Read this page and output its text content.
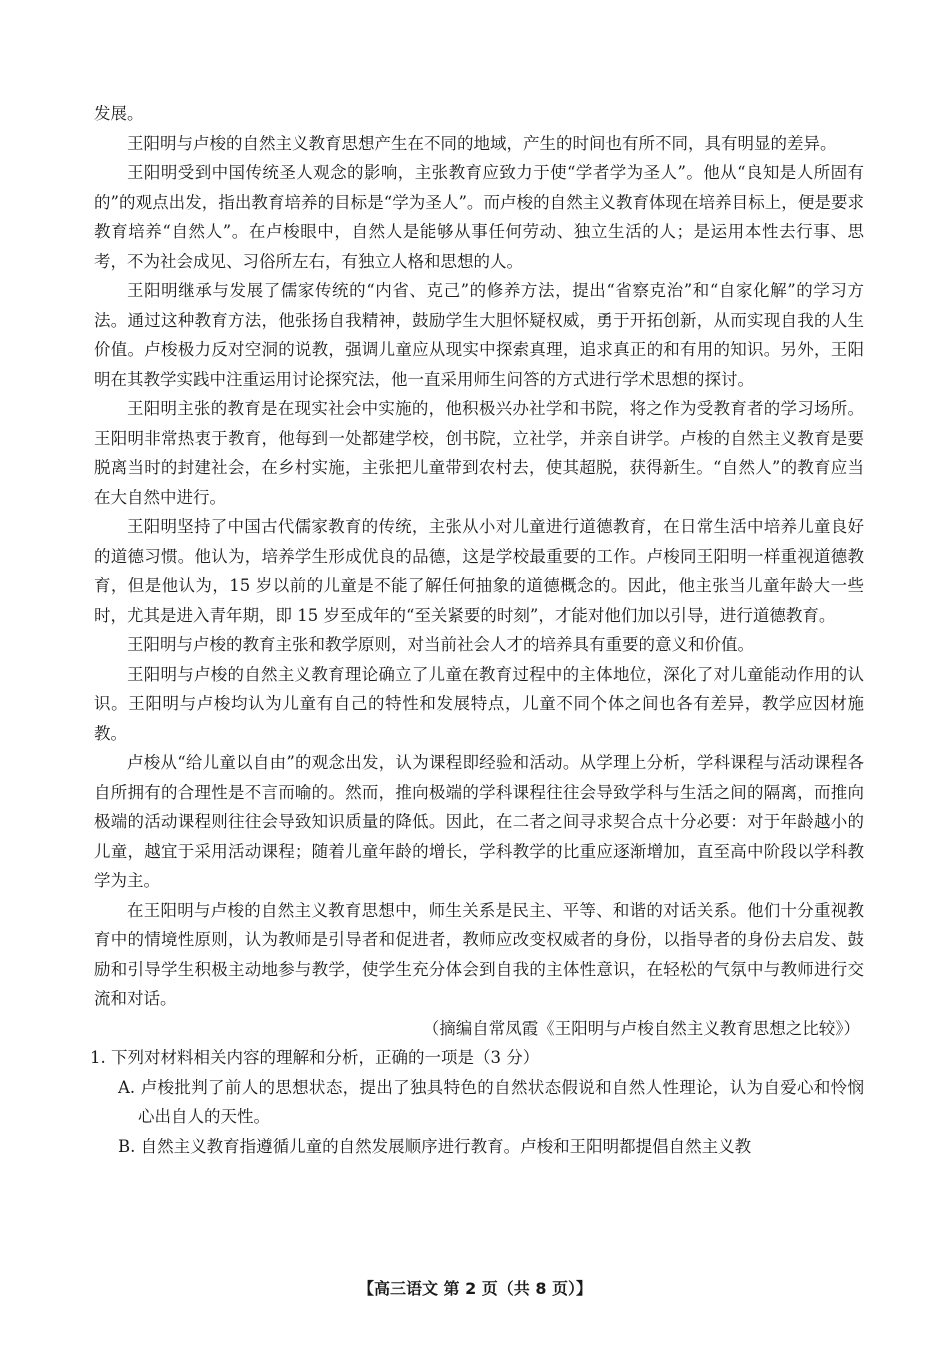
发展。

王阳明与卢梭的自然主义教育思想产生在不同的地域，产生的时间也有所不同，具有明显的差异。

王阳明受到中国传统圣人观念的影响，主张教育应致力于使“学者学为圣人”。他从“良知是人所固有的”的观点出发，指出教育培养的目标是“学为圣人”。而卢梭的自然主义教育体现在培养目标上，便是要求教育培养“自然人”。在卢梭眼中，自然人是能够从事任何劳动、独立生活的人；是运用本性去行事、思考，不为社会成见、习俗所左右，有独立人格和思想的人。

王阳明继承与发展了儒家传统的“内省、克己”的修养方法，提出“省察克治”和“自家化解”的学习方法。通过这种教育方法，他张扬自我精神，鼓励学生大胆怀疑权威，勇于开拓创新，从而实现自我的人生价值。卢梭极力反对空洞的说教，强调儿童应从现实中探索真理，追求真正的和有用的知识。另外，王阳明在其教学实践中注重运用讨论探究法，他一直采用师生问答的方式进行学术思想的探讨。

王阳明主张的教育是在现实社会中实施的，他积极兴办社学和书院，将之作为受教育者的学习场所。王阳明非常热衷于教育，他每到一处都建学校，创书院，立社学，并亲自讲学。卢梭的自然主义教育是要脱离当时的封建社会，在乡村实施，主张把儿童带到农村去，使其超脱，获得新生。“自然人”的教育应当在大自然中进行。

王阳明坚持了中国古代儒家教育的传统，主张从小对儿童进行道德教育，在日常生活中培养儿童良好的道德习惯。他认为，培养学生形成优良的品德，这是学校最重要的工作。卢梭同王阳明一样重视道德教育，但是他认为，15 岁以前的儿童是不能了解任何抽象的道德概念的。因此，他主张当儿童年龄大一些时，尤其是进入青年期，即 15 岁至成年的“至关紧要的时刻”，才能对他们加以引导，进行道德教育。

王阳明与卢梭的教育主张和教学原则，对当前社会人才的培养具有重要的意义和价值。

王阳明与卢梭的自然主义教育理论确立了儿童在教育过程中的主体地位，深化了对儿童能动作用的认识。王阳明与卢梭均认为儿童有自己的特性和发展特点，儿童不同个体之间也各有差异，教学应因材施教。

卢梭从“给儿童以自由”的观念出发，认为课程即经验和活动。从学理上分析，学科课程与活动课程各自所拥有的合理性是不言而喻的。然而，推向极端的学科课程往往会导致学科与生活之间的隔离，而推向极端的活动课程则往往会导致知识质量的降低。因此，在二者之间寻求契合点十分必要：对于年龄越小的儿童，越宜于采用活动课程；随着儿童年龄的增长，学科教学的比重应逐渐增加，直至高中阶段以学科教学为主。

在王阳明与卢梭的自然主义教育思想中，师生关系是民主、平等、和谐的对话关系。他们十分重视教育中的情境性原则，认为教师是引导者和促进者，教师应改变权威者的身份，以指导者的身份去启发、鼓励和引导学生积极主动地参与教学，使学生充分体会到自我的主体性意识，在轻松的气氛中与教师进行交流和对话。

（摘编自常凤霞《王阳明与卢梭自然主义教育思想之比较》）

1. 下列对材料相关内容的理解和分析，正确的一项是（3 分）

A. 卢梭批判了前人的思想状态，提出了独具特色的自然状态假说和自然人性理论，认为自爱心和怜悯心出自人的天性。

B. 自然主义教育指遵循儿童的自然发展顺序进行教育。卢梭和王阳明都提倡自然主义教

【高三语文 第 2 页（共 8 页）】
